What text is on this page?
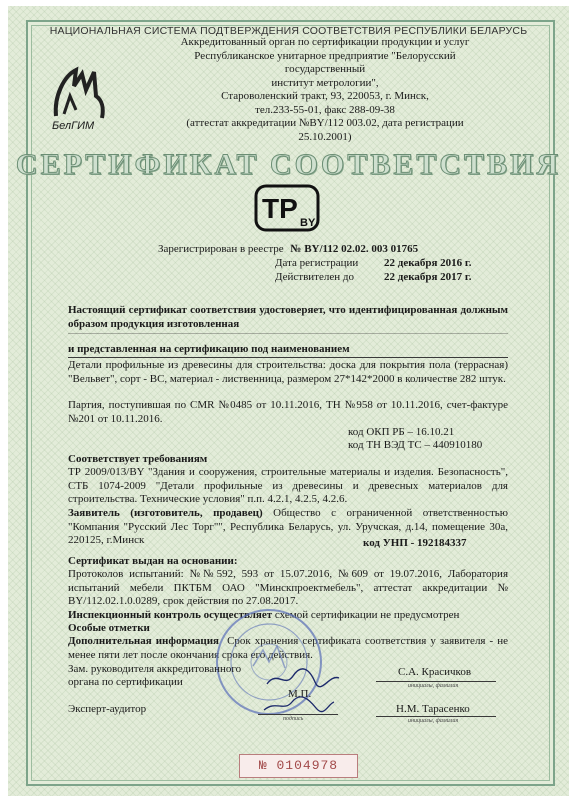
НАЦИОНАЛЬНАЯ СИСТЕМА ПОДТВЕРЖДЕНИЯ СООТВЕТСТВИЯ РЕСПУБЛИКИ БЕЛАРУСЬ
БелГИМ
Аккредитованный орган по сертификации продукции и услуг
Республиканское унитарное предприятие "Белорусский государственный
институт метрологии",
Староволенский тракт, 93, 220053, г. Минск,
тел.233-55-01, факс 288-09-38
(аттестат аккредитации №BY/112 003.02, дата регистрации 25.10.2001)
СЕРТИФИКАТ СООТВЕТСТВИЯ
TP BY
Зарегистрирован в реестре № BY/112 02.02. 003 01765
Дата регистрации 22 декабря 2016 г.
Действителен до	22 декабря 2017 г.
Настоящий сертификат соответствия удостоверяет, что идентифицированная должным образом продукция изготовленная
и представленная на сертификацию под наименованием
Детали профильные из древесины для строительства: доска для покрытия пола (терраcная) "Вельвет", сорт - ВС, материал - лиственница, размером 27*142*2000 в количестве 282 штук.
Партия, поступившая по CMR №0485 от 10.11.2016, ТН №958 от 10.11.2016, счет-фактуре №201 от 10.11.2016.
код ОКП РБ – 16.10.21
код ТН ВЭД ТС – 440910180
Соответствует требованиям
ТР 2009/013/BY "Здания и сооружения, строительные материалы и изделия. Безопасность", СТБ 1074-2009 "Детали профильные из древесины и древесных материалов для строительства. Технические условия" п.п. 4.2.1, 4.2.5, 4.2.6.
Заявитель (изготовитель, продавец) Общество с ограниченной ответственностью "Компания "Русский Лес Торг"", Республика Беларусь, ул. Уручская, д.14, помещение 30а, 220125, г.Минск	код УНП - 192184337
Сертификат выдан на основании:
Протоколов испытаний: №№592, 593 от 15.07.2016, №609 от 19.07.2016, Лаборатория испытаний мебели ПКТБМ ОАО "Минскпроектмебель", аттестат аккредитации № BY/112.02.1.0.0289, срок действия по 27.08.2017.
Инспекционный контроль осуществляет схемой сертификации не предусмотрен
Особые отметки
Дополнительная информация Срок хранения сертификата соответствия у заявителя - не менее пяти лет после окончания срока его действия.
Зам. руководителя аккредитованного
органа по сертификации
С.А. Красичков
инициалы, фамилия
М.П.
Эксперт-аудитор
подпись
Н.М. Тарасенко
инициалы, фамилия
№ 0104978
